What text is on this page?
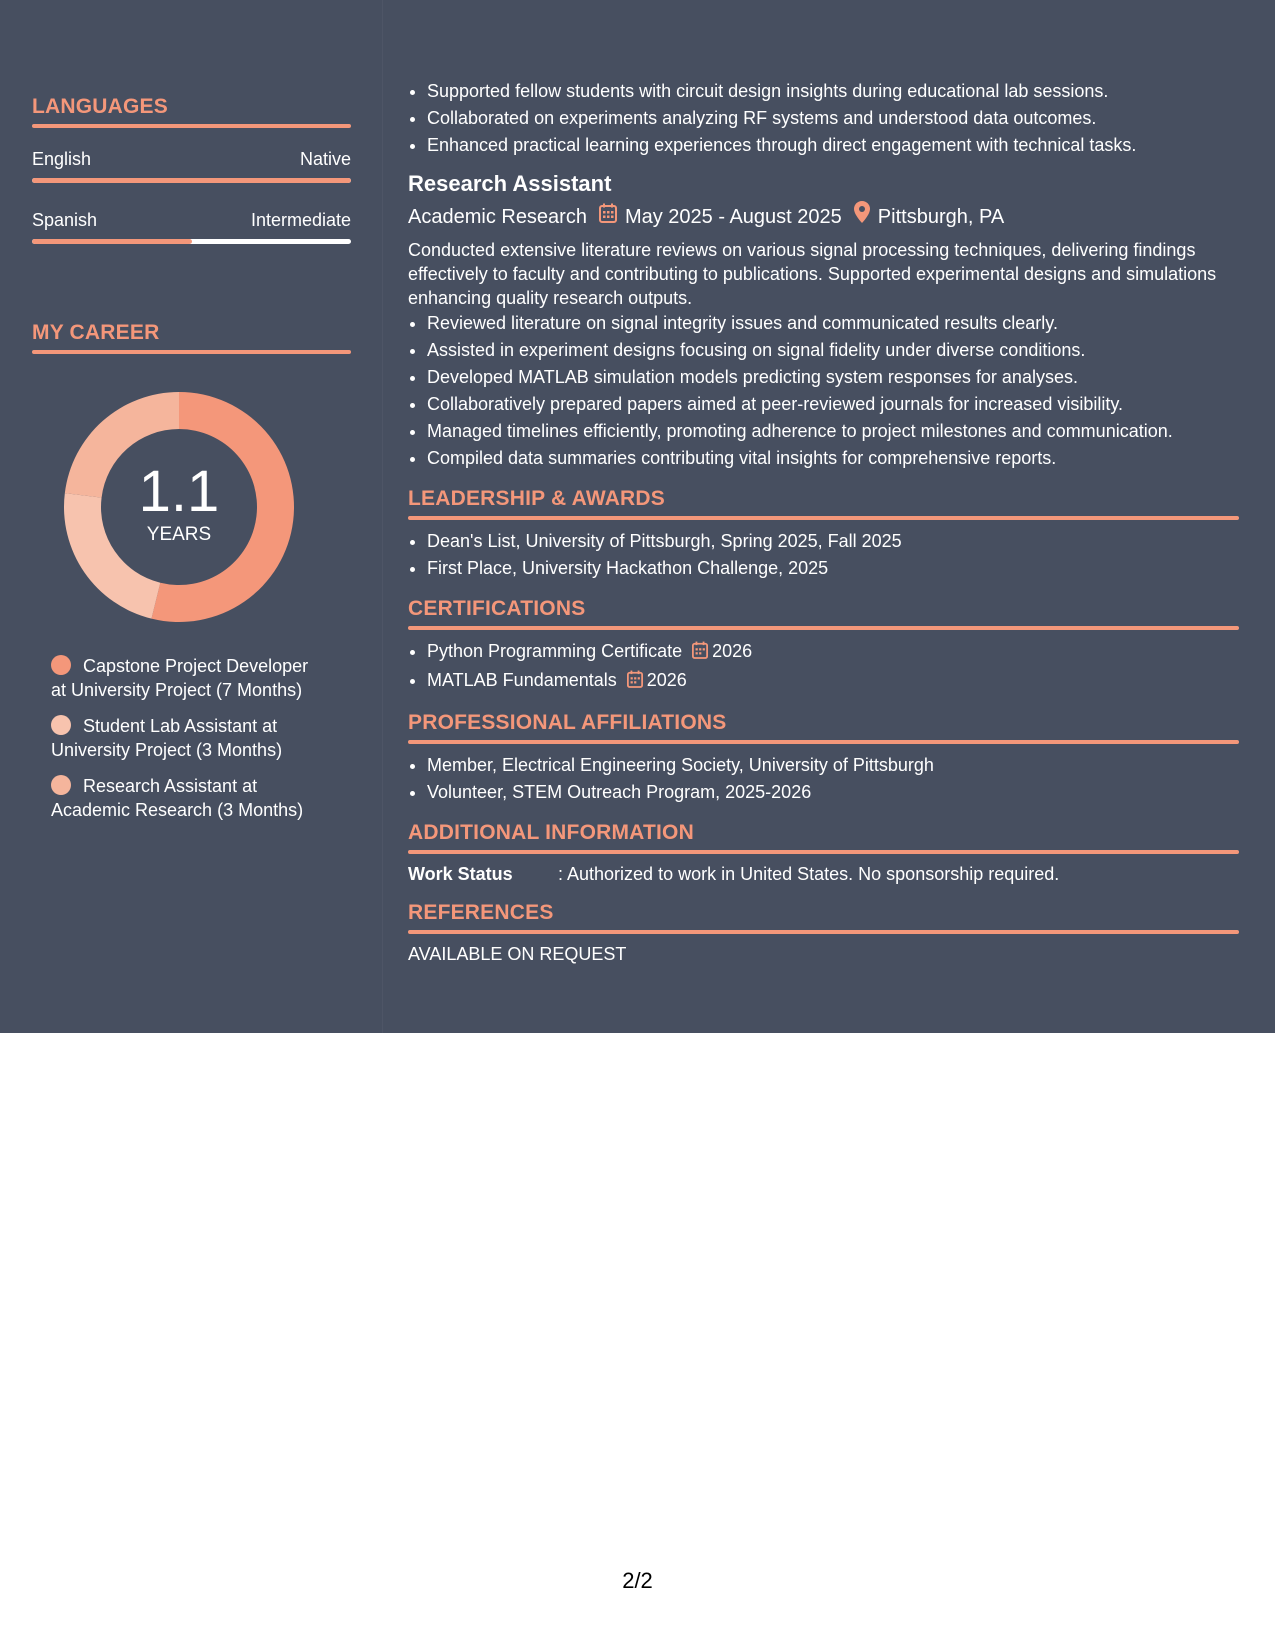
LANGUAGES
English	Native
Spanish	Intermediate
MY CAREER
1.1
YEARS
Capstone Project Developer at University Project (7 Months)
Student Lab Assistant at University Project (3 Months)
Research Assistant at Academic Research (3 Months)
• Supported fellow students with circuit design insights during educational lab sessions.
• Collaborated on experiments analyzing RF systems and understood data outcomes.
• Enhanced practical learning experiences through direct engagement with technical tasks.
Research Assistant
Academic Research May 2025 - August 2025 Pittsburgh, PA
Conducted extensive literature reviews on various signal processing techniques, delivering findings effectively to faculty and contributing to publications. Supported experimental designs and simulations enhancing quality research outputs.
• Reviewed literature on signal integrity issues and communicated results clearly.
• Assisted in experiment designs focusing on signal fidelity under diverse conditions.
• Developed MATLAB simulation models predicting system responses for analyses.
• Collaboratively prepared papers aimed at peer-reviewed journals for increased visibility.
• Managed timelines efficiently, promoting adherence to project milestones and communication.
• Compiled data summaries contributing vital insights for comprehensive reports.
LEADERSHIP & AWARDS
• Dean's List, University of Pittsburgh, Spring 2025, Fall 2025
• First Place, University Hackathon Challenge, 2025
CERTIFICATIONS
• Python Programming Certificate 2026
• MATLAB Fundamentals 2026
PROFESSIONAL AFFILIATIONS
• Member, Electrical Engineering Society, University of Pittsburgh
• Volunteer, STEM Outreach Program, 2025-2026
ADDITIONAL INFORMATION
Work Status	: Authorized to work in United States. No sponsorship required.
REFERENCES
AVAILABLE ON REQUEST
2/2
